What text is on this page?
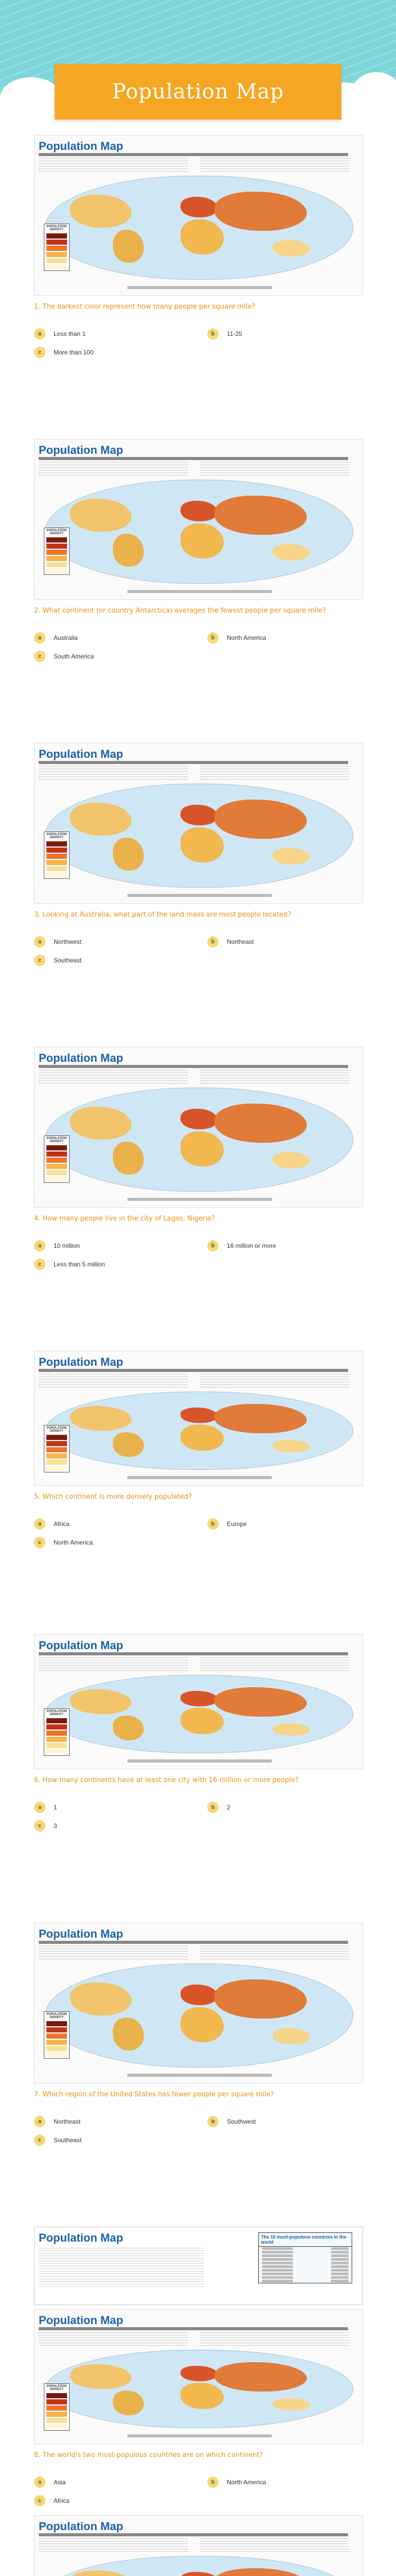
Population Map
Population Map
POPULATION DENSITY
1. The darkest color represent how many people per square mile?
a	Less than 1	b	11-25
c	More than 100
Population Map
POPULATION DENSITY
2. What continent (or country Antarctica) averages the fewest people per square mile?
a	Australia	b	North America
c	South America
Population Map
POPULATION DENSITY
3. Looking at Australia, what part of the land mass are most people located?
a	Northwest	b	Northeast
c	Southeast
Population Map
POPULATION DENSITY
4. How many people live in the city of Lagos, Nigeria?
a	10 million	b	16 million or more
c	Less than 5 million
Population Map
POPULATION DENSITY
5. Which continent is more densely populated?
a	Africa	b	Europe
c	North America
Population Map
POPULATION DENSITY
6. How many continents have at least one city with 16 million or more people?
a	1	b	2
c	3
Population Map
POPULATION DENSITY
7. Which region of the United States has fewer people per square mile?
a	Northeast	b	Southwest
c	Southeast
Population Map	The 10 most-populous countries in the world
Population Map
POPULATION DENSITY
8. The world's two most-populous countries are on which continent?
a	Asia	b	North America
c	Africa
Population Map
